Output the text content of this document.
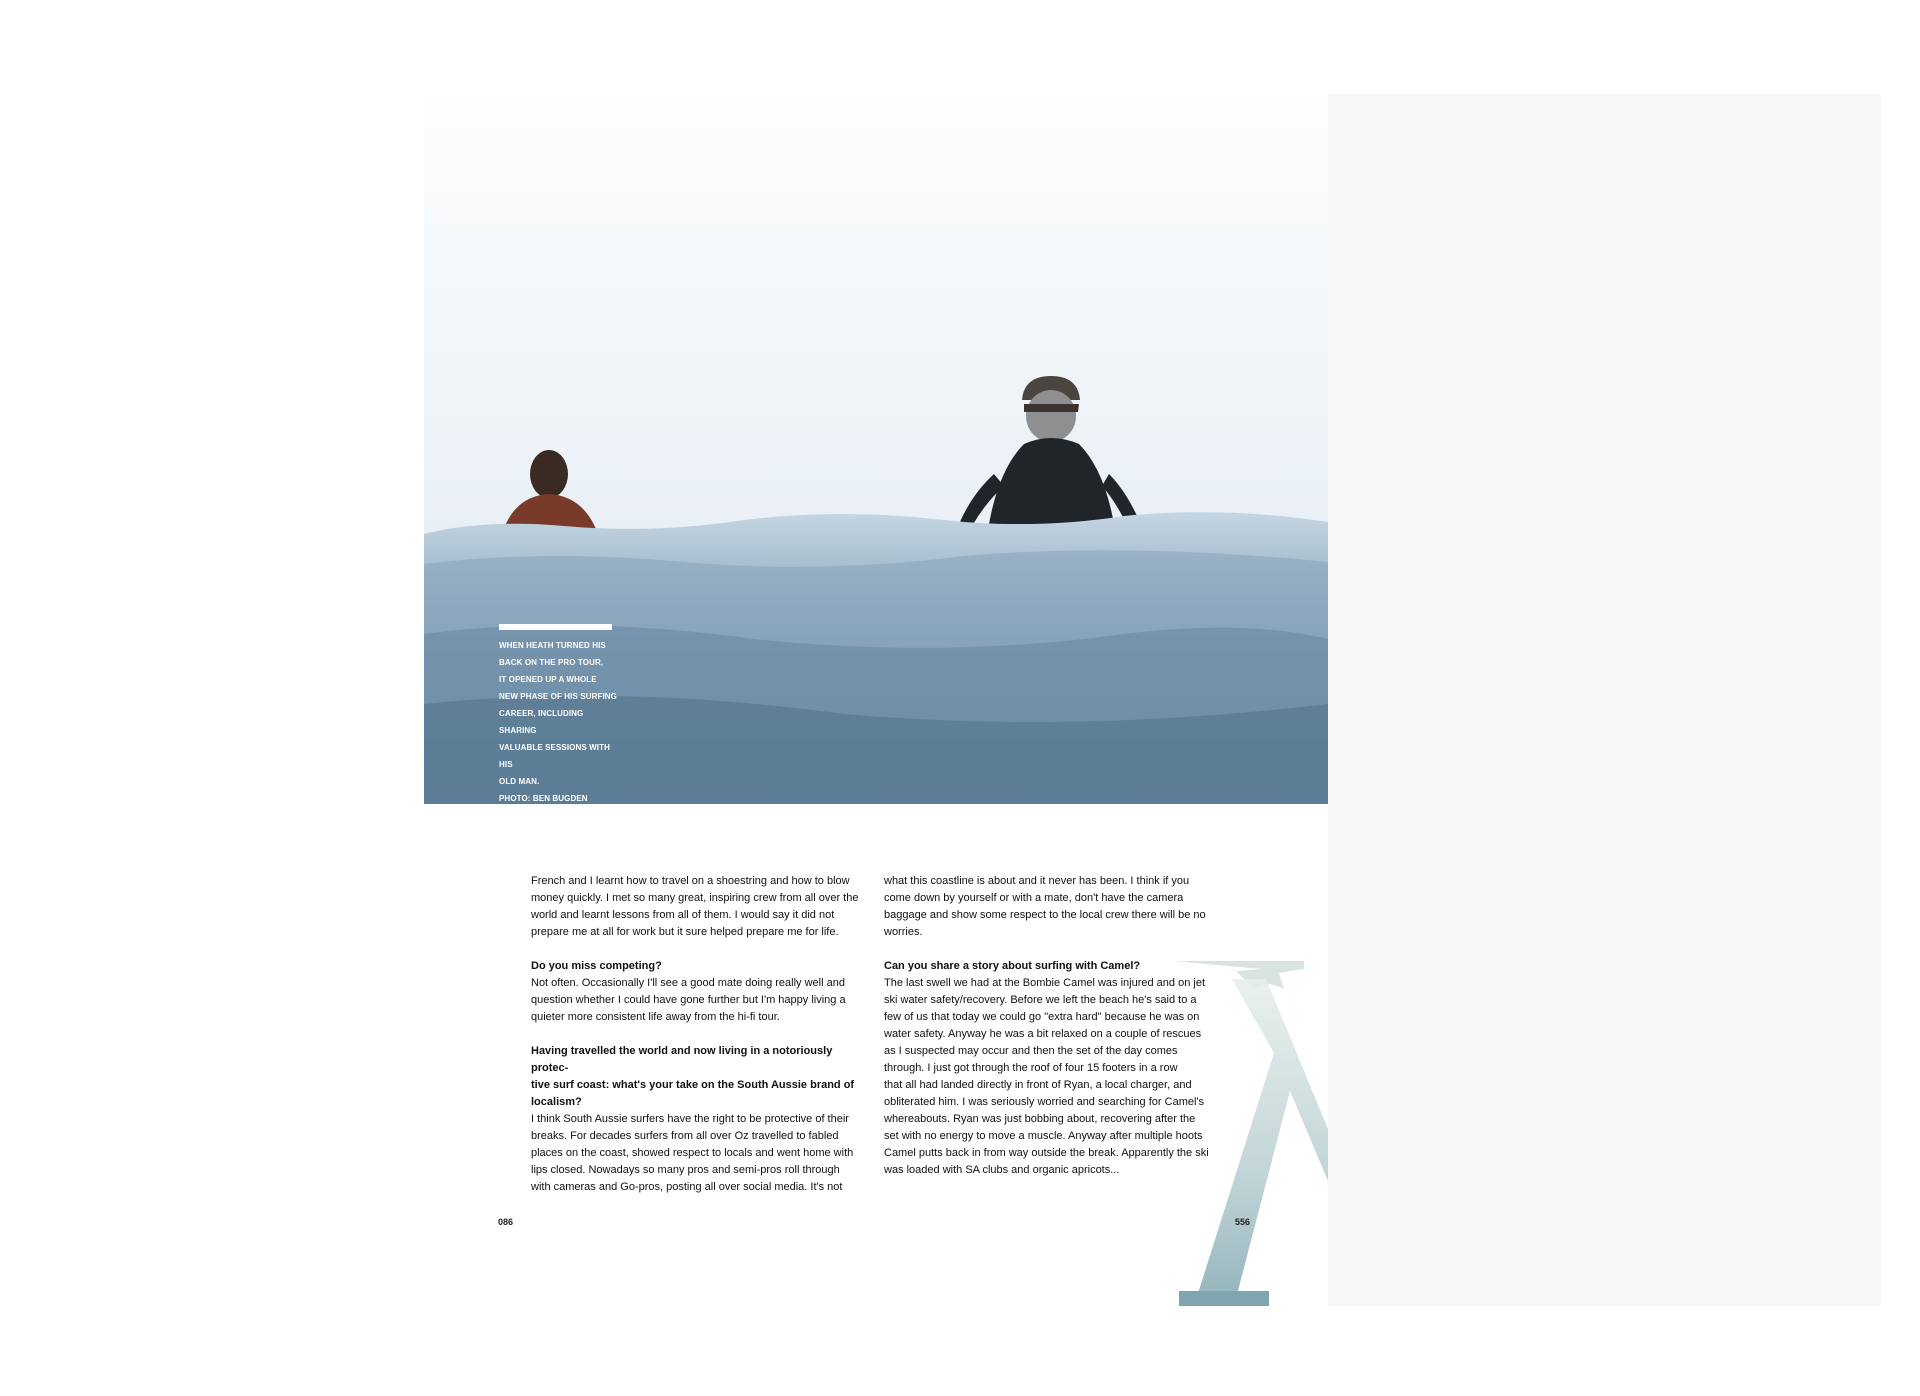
WHEN HEATH TURNED HIS

BACK ON THE PRO TOUR,

IT OPENED UP A WHOLE

NEW PHASE OF HIS SURFING

CAREER, INCLUDING SHARING

VALUABLE SESSIONS WITH HIS

OLD MAN.

PHOTO: BEN BUGDEN

French and I learnt how to travel on a shoestring and how to blow

money quickly. I met so many great, inspiring crew from all over the

world and learnt lessons from all of them. I would say it did not

prepare me at all for work but it sure helped prepare me for life.

Do you miss competing?

Not often. Occasionally I'll see a good mate doing really well and

question whether I could have gone further but I'm happy living a

quieter more consistent life away from the hi-fi tour.

Having travelled the world and now living in a notoriously protec-

tive surf coast: what's your take on the South Aussie brand of

localism?

I think South Aussie surfers have the right to be protective of their

breaks. For decades surfers from all over Oz travelled to fabled

places on the coast, showed respect to locals and went home with

lips closed. Nowadays so many pros and semi-pros roll through

with cameras and Go-pros, posting all over social media. It's not

what this coastline is about and it never has been. I think if you

come down by yourself or with a mate, don't have the camera

baggage and show some respect to the local crew there will be no

worries.

Can you share a story about surfing with Camel?

The last swell we had at the Bombie Camel was injured and on jet

ski water safety/recovery. Before we left the beach he's said to a

few of us that today we could go "extra hard" because he was on

water safety. Anyway he was a bit relaxed on a couple of rescues

as I suspected may occur and then the set of the day comes

through. I just got through the roof of four 15 footers in a row

that all had landed directly in front of Ryan, a local charger, and

obliterated him. I was seriously worried and searching for Camel's

whereabouts. Ryan was just bobbing about, recovering after the

set with no energy to move a muscle. Anyway after multiple hoots

Camel putts back in from way outside the break. Apparently the ski

was loaded with SA clubs and organic apricots...

086	556
